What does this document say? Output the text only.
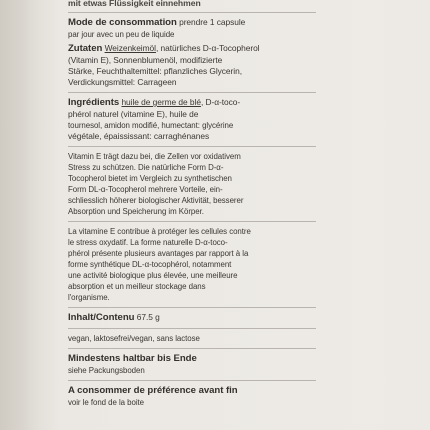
mit etwas Flüssigkeit einnehmen
Mode de consommation prendre 1 capsule
par jour avec un peu de liquide
Zutaten Weizenkeimöl, natürliches D-α-Tocopherol
(Vitamin E), Sonnenblumenöl, modifizierte
Stärke, Feuchthaltemittel: pflanzliches Glycerin,
Verdickungsmittel: Carrageen
Ingrédients huile de germe de blé, D-α-toco-
phérol naturel (vitamine E), huile de
tournesol, amidon modifié, humectant: glycérine
végétale, épaississant: carraghénanes
Vitamin E trägt dazu bei, die Zellen vor oxidativem
Stress zu schützen. Die natürliche Form D-α-
Tocopherol bietet im Vergleich zu synthetischen
Form DL-α-Tocopherol mehrere Vorteile, ein-
schliesslich höherer biologischer Aktivität, besserer
Absorption und Speicherung im Körper.
La vitamine E contribue à protéger les cellules contre
le stress oxydatif. La forme naturelle D-α-toco-
phérol présente plusieurs avantages par rapport à la
forme synthétique DL-α-tocophérol, notamment
une activité biologique plus élevée, une meilleure
absorption et un meilleur stockage dans
l'organisme.
Inhalt/Contenu 67.5 g
vegan, laktosefrei/vegan, sans lactose
Mindestens haltbar bis Ende
siehe Packungsboden
A consommer de préférence avant fin
voir le fond de la boite
